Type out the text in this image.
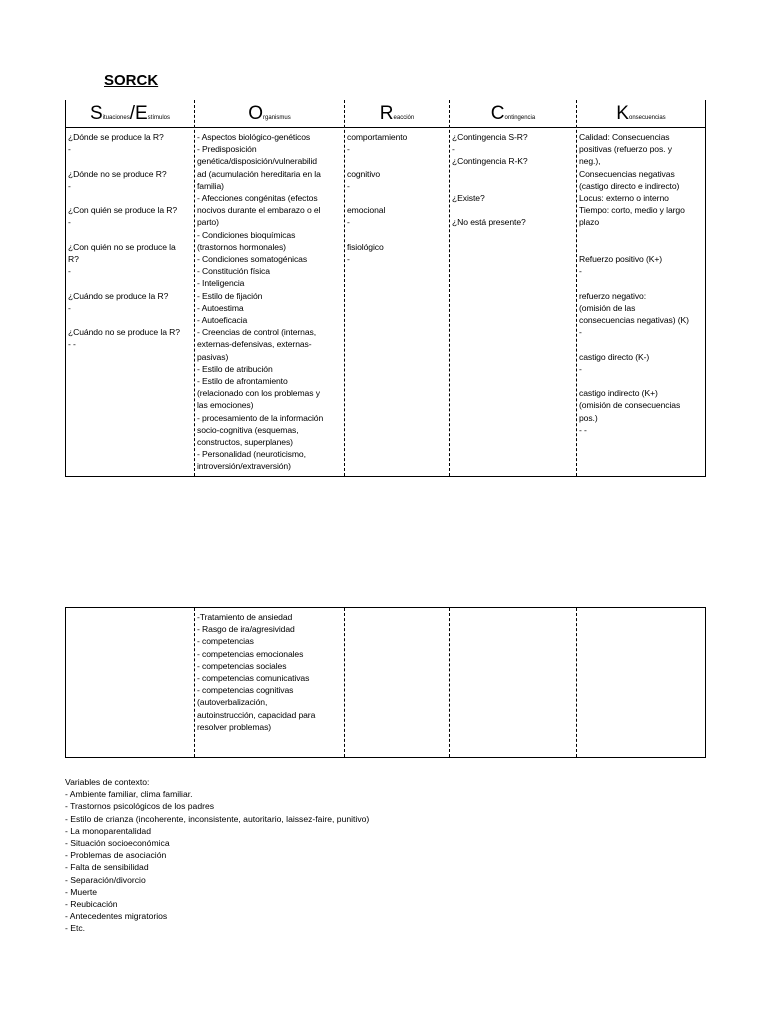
SORCK
Situaciones/Estímulos
¿Dónde se produce la R?
-
¿Dónde no se produce R?
-
¿Con quién se produce la R?
-
¿Con quién no se produce la
R?
-
¿Cuándo se produce la R?
-
¿Cuándo no se produce la R?
- -
Organismus
- Aspectos biológico-genéticos
- Predisposición
genética/disposición/vulnerabilid
ad (acumulación hereditaria en la
familia)
- Afecciones congénitas (efectos
nocivos durante el embarazo o el
parto)
- Condiciones bioquímicas
(trastornos hormonales)
- Condiciones somatogénicas
- Constitución física
- Inteligencia
- Estilo de fijación
- Autoestima
- Autoeficacia
- Creencias de control (internas,
externas-defensivas, externas-
pasivas)
- Estilo de atribución
- Estilo de afrontamiento
(relacionado con los problemas y
las emociones)
- procesamiento de la información
socio-cognitiva (esquemas,
constructos, superplanes)
- Personalidad (neuroticismo,
introversión/extraversión)
Reacción
comportamiento
-
cognitivo
-
emocional
-
fisiológico
-
Contingencia
¿Contingencia S-R?
-
¿Contingencia R-K?
¿Existe?
¿No está presente?
Konsecuencias
Calidad: Consecuencias
positivas (refuerzo pos. y
neg.),
Consecuencias negativas
(castigo directo e indirecto)
Locus: externo o interno
Tiempo: corto, medio y largo
plazo
Refuerzo positivo (K+)
-
refuerzo negativo:
(omisión de las
consecuencias negativas) (K)
-
castigo directo (K-)
-
castigo indirecto (K+)
(omisión de consecuencias
pos.)
- -
-Tratamiento de ansiedad
- Rasgo de ira/agresividad
- competencias
- competencias emocionales
- competencias sociales
- competencias comunicativas
- competencias cognitivas
(autoverbalización,
autoinstrucción, capacidad para
resolver problemas)
Variables de contexto:
- Ambiente familiar, clima familiar.
- Trastornos psicológicos de los padres
- Estilo de crianza (incoherente, inconsistente, autoritario, laissez-faire, punitivo)
- La monoparentalidad
- Situación socioeconómica
- Problemas de asociación
- Falta de sensibilidad
- Separación/divorcio
- Muerte
- Reubicación
- Antecedentes migratorios
- Etc.
